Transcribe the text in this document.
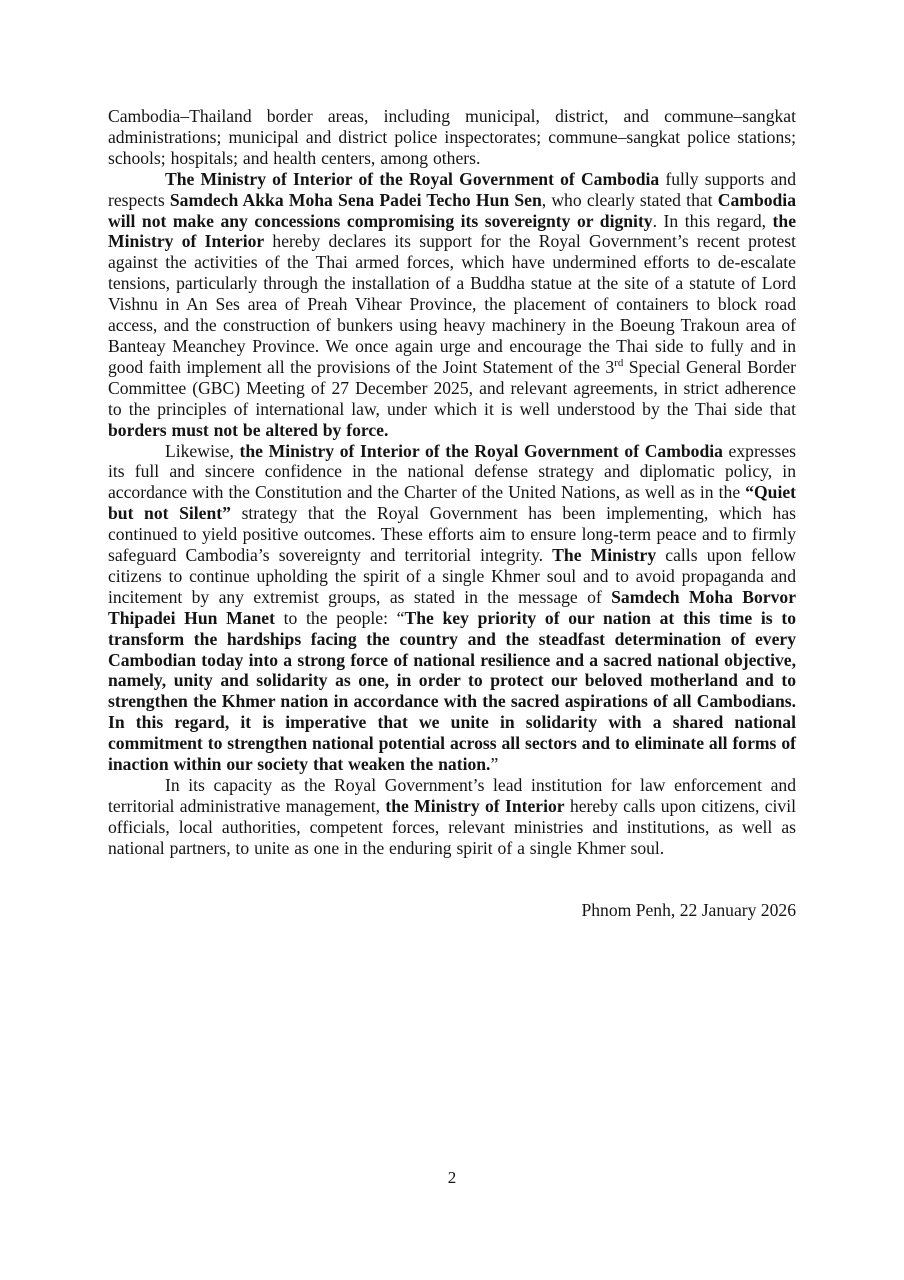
Cambodia–Thailand border areas, including municipal, district, and commune–sangkat administrations; municipal and district police inspectorates; commune–sangkat police stations; schools; hospitals; and health centers, among others.

The Ministry of Interior of the Royal Government of Cambodia fully supports and respects Samdech Akka Moha Sena Padei Techo Hun Sen, who clearly stated that Cambodia will not make any concessions compromising its sovereignty or dignity. In this regard, the Ministry of Interior hereby declares its support for the Royal Government’s recent protest against the activities of the Thai armed forces, which have undermined efforts to de-escalate tensions, particularly through the installation of a Buddha statue at the site of a statute of Lord Vishnu in An Ses area of Preah Vihear Province, the placement of containers to block road access, and the construction of bunkers using heavy machinery in the Boeung Trakoun area of Banteay Meanchey Province. We once again urge and encourage the Thai side to fully and in good faith implement all the provisions of the Joint Statement of the 3rd Special General Border Committee (GBC) Meeting of 27 December 2025, and relevant agreements, in strict adherence to the principles of international law, under which it is well understood by the Thai side that borders must not be altered by force.

Likewise, the Ministry of Interior of the Royal Government of Cambodia expresses its full and sincere confidence in the national defense strategy and diplomatic policy, in accordance with the Constitution and the Charter of the United Nations, as well as in the “Quiet but not Silent” strategy that the Royal Government has been implementing, which has continued to yield positive outcomes. These efforts aim to ensure long-term peace and to firmly safeguard Cambodia’s sovereignty and territorial integrity. The Ministry calls upon fellow citizens to continue upholding the spirit of a single Khmer soul and to avoid propaganda and incitement by any extremist groups, as stated in the message of Samdech Moha Borvor Thipadei Hun Manet to the people: “The key priority of our nation at this time is to transform the hardships facing the country and the steadfast determination of every Cambodian today into a strong force of national resilience and a sacred national objective, namely, unity and solidarity as one, in order to protect our beloved motherland and to strengthen the Khmer nation in accordance with the sacred aspirations of all Cambodians. In this regard, it is imperative that we unite in solidarity with a shared national commitment to strengthen national potential across all sectors and to eliminate all forms of inaction within our society that weaken the nation.”

In its capacity as the Royal Government’s lead institution for law enforcement and territorial administrative management, the Ministry of Interior hereby calls upon citizens, civil officials, local authorities, competent forces, relevant ministries and institutions, as well as national partners, to unite as one in the enduring spirit of a single Khmer soul.

Phnom Penh, 22 January 2026
2
